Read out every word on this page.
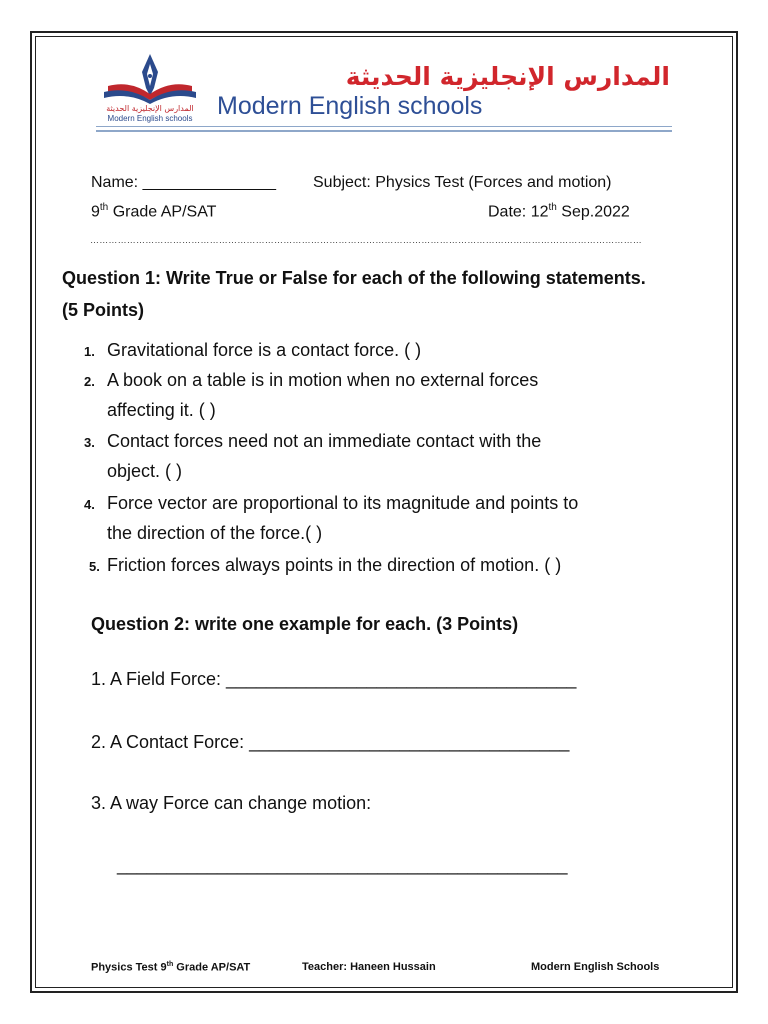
المدارس الإنجليزية الحديثة
Modern English schools
المدارس الإنجليزية الحديثة
Modern English schools
Name: _______________ Subject: Physics Test (Forces and motion)
9th Grade AP/SAT	Date: 12th Sep.2022
………………………………………………………………………………………………………………………………………………………………
Question 1: Write True or False for each of the following statements.
(5 Points)
1. Gravitational force is a contact force. ( )
2. A book on a table is in motion when no external forces
affecting it. ( )
3. Contact forces need not an immediate contact with the
object. ( )
4. Force vector are proportional to its magnitude and points to
the direction of the force.( )
5. Friction forces always points in the direction of motion. ( )
Question 2: write one example for each. (3 Points)
1. A Field Force: ___________________________________
2. A Contact Force: ________________________________
3. A way Force can change motion:
_____________________________________________
Physics Test 9th Grade AP/SAT	Teacher: Haneen Hussain	Modern English Schools
